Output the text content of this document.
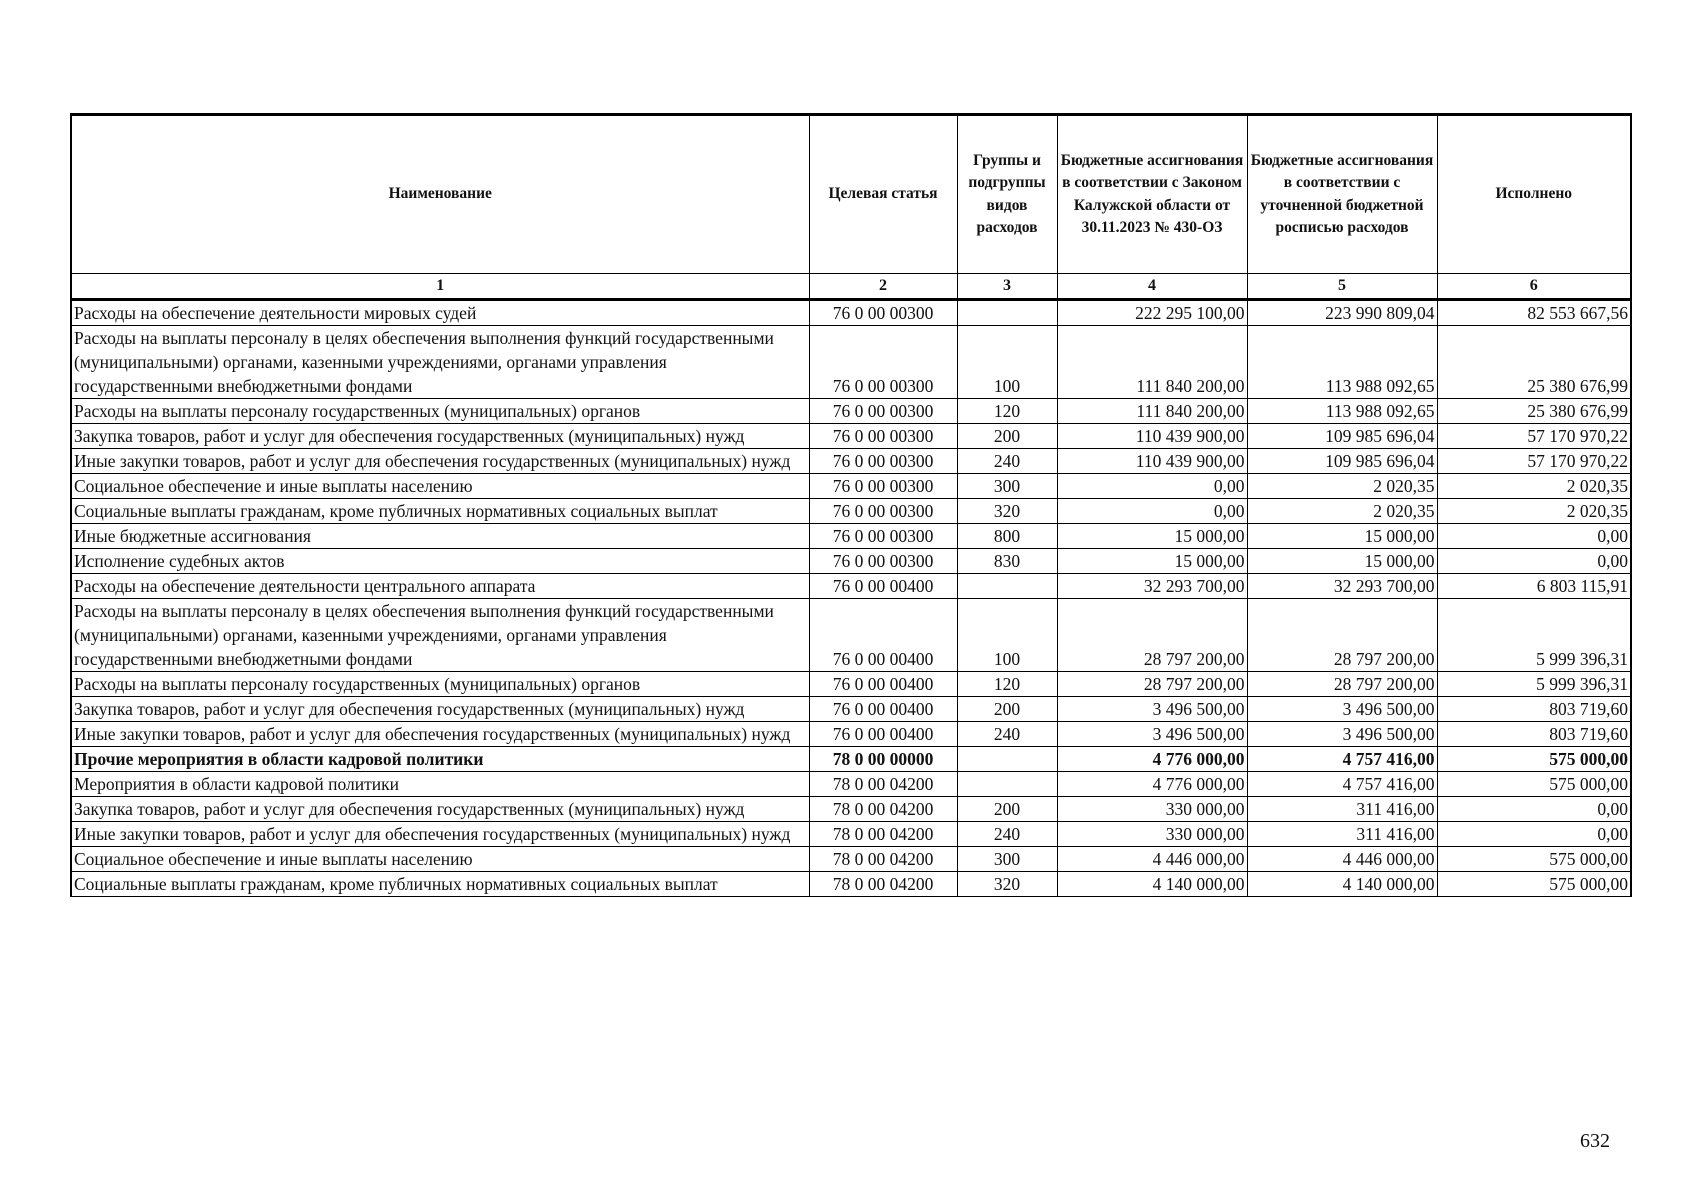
Наименование	Целевая статья	Группы и подгруппы видов расходов	Бюджетные ассигнования в соответствии с Законом Калужской области от 30.11.2023 № 430-ОЗ	Бюджетные ассигнования в соответствии с уточненной бюджетной росписью расходов	Исполнено
1	2	3	4	5	6
Расходы на обеспечение деятельности мировых судей	76 0 00 00300		222 295 100,00	223 990 809,04	82 553 667,56
Расходы на выплаты персоналу в целях обеспечения выполнения функций государственными (муниципальными) органами, казенными учреждениями, органами управления государственными внебюджетными фондами	76 0 00 00300	100	111 840 200,00	113 988 092,65	25 380 676,99
Расходы на выплаты персоналу государственных (муниципальных) органов	76 0 00 00300	120	111 840 200,00	113 988 092,65	25 380 676,99
Закупка товаров, работ и услуг для обеспечения государственных (муниципальных) нужд	76 0 00 00300	200	110 439 900,00	109 985 696,04	57 170 970,22
Иные закупки товаров, работ и услуг для обеспечения государственных (муниципальных) нужд	76 0 00 00300	240	110 439 900,00	109 985 696,04	57 170 970,22
Социальное обеспечение и иные выплаты населению	76 0 00 00300	300	0,00	2 020,35	2 020,35
Социальные выплаты гражданам, кроме публичных нормативных социальных выплат	76 0 00 00300	320	0,00	2 020,35	2 020,35
Иные бюджетные ассигнования	76 0 00 00300	800	15 000,00	15 000,00	0,00
Исполнение судебных актов	76 0 00 00300	830	15 000,00	15 000,00	0,00
Расходы на обеспечение деятельности центрального аппарата	76 0 00 00400		32 293 700,00	32 293 700,00	6 803 115,91
Расходы на выплаты персоналу в целях обеспечения выполнения функций государственными (муниципальными) органами, казенными учреждениями, органами управления государственными внебюджетными фондами	76 0 00 00400	100	28 797 200,00	28 797 200,00	5 999 396,31
Расходы на выплаты персоналу государственных (муниципальных) органов	76 0 00 00400	120	28 797 200,00	28 797 200,00	5 999 396,31
Закупка товаров, работ и услуг для обеспечения государственных (муниципальных) нужд	76 0 00 00400	200	3 496 500,00	3 496 500,00	803 719,60
Иные закупки товаров, работ и услуг для обеспечения государственных (муниципальных) нужд	76 0 00 00400	240	3 496 500,00	3 496 500,00	803 719,60
Прочие мероприятия в области кадровой политики	78 0 00 00000		4 776 000,00	4 757 416,00	575 000,00
Мероприятия в области кадровой политики	78 0 00 04200		4 776 000,00	4 757 416,00	575 000,00
Закупка товаров, работ и услуг для обеспечения государственных (муниципальных) нужд	78 0 00 04200	200	330 000,00	311 416,00	0,00
Иные закупки товаров, работ и услуг для обеспечения государственных (муниципальных) нужд	78 0 00 04200	240	330 000,00	311 416,00	0,00
Социальное обеспечение и иные выплаты населению	78 0 00 04200	300	4 446 000,00	4 446 000,00	575 000,00
Социальные выплаты гражданам, кроме публичных нормативных социальных выплат	78 0 00 04200	320	4 140 000,00	4 140 000,00	575 000,00
632
